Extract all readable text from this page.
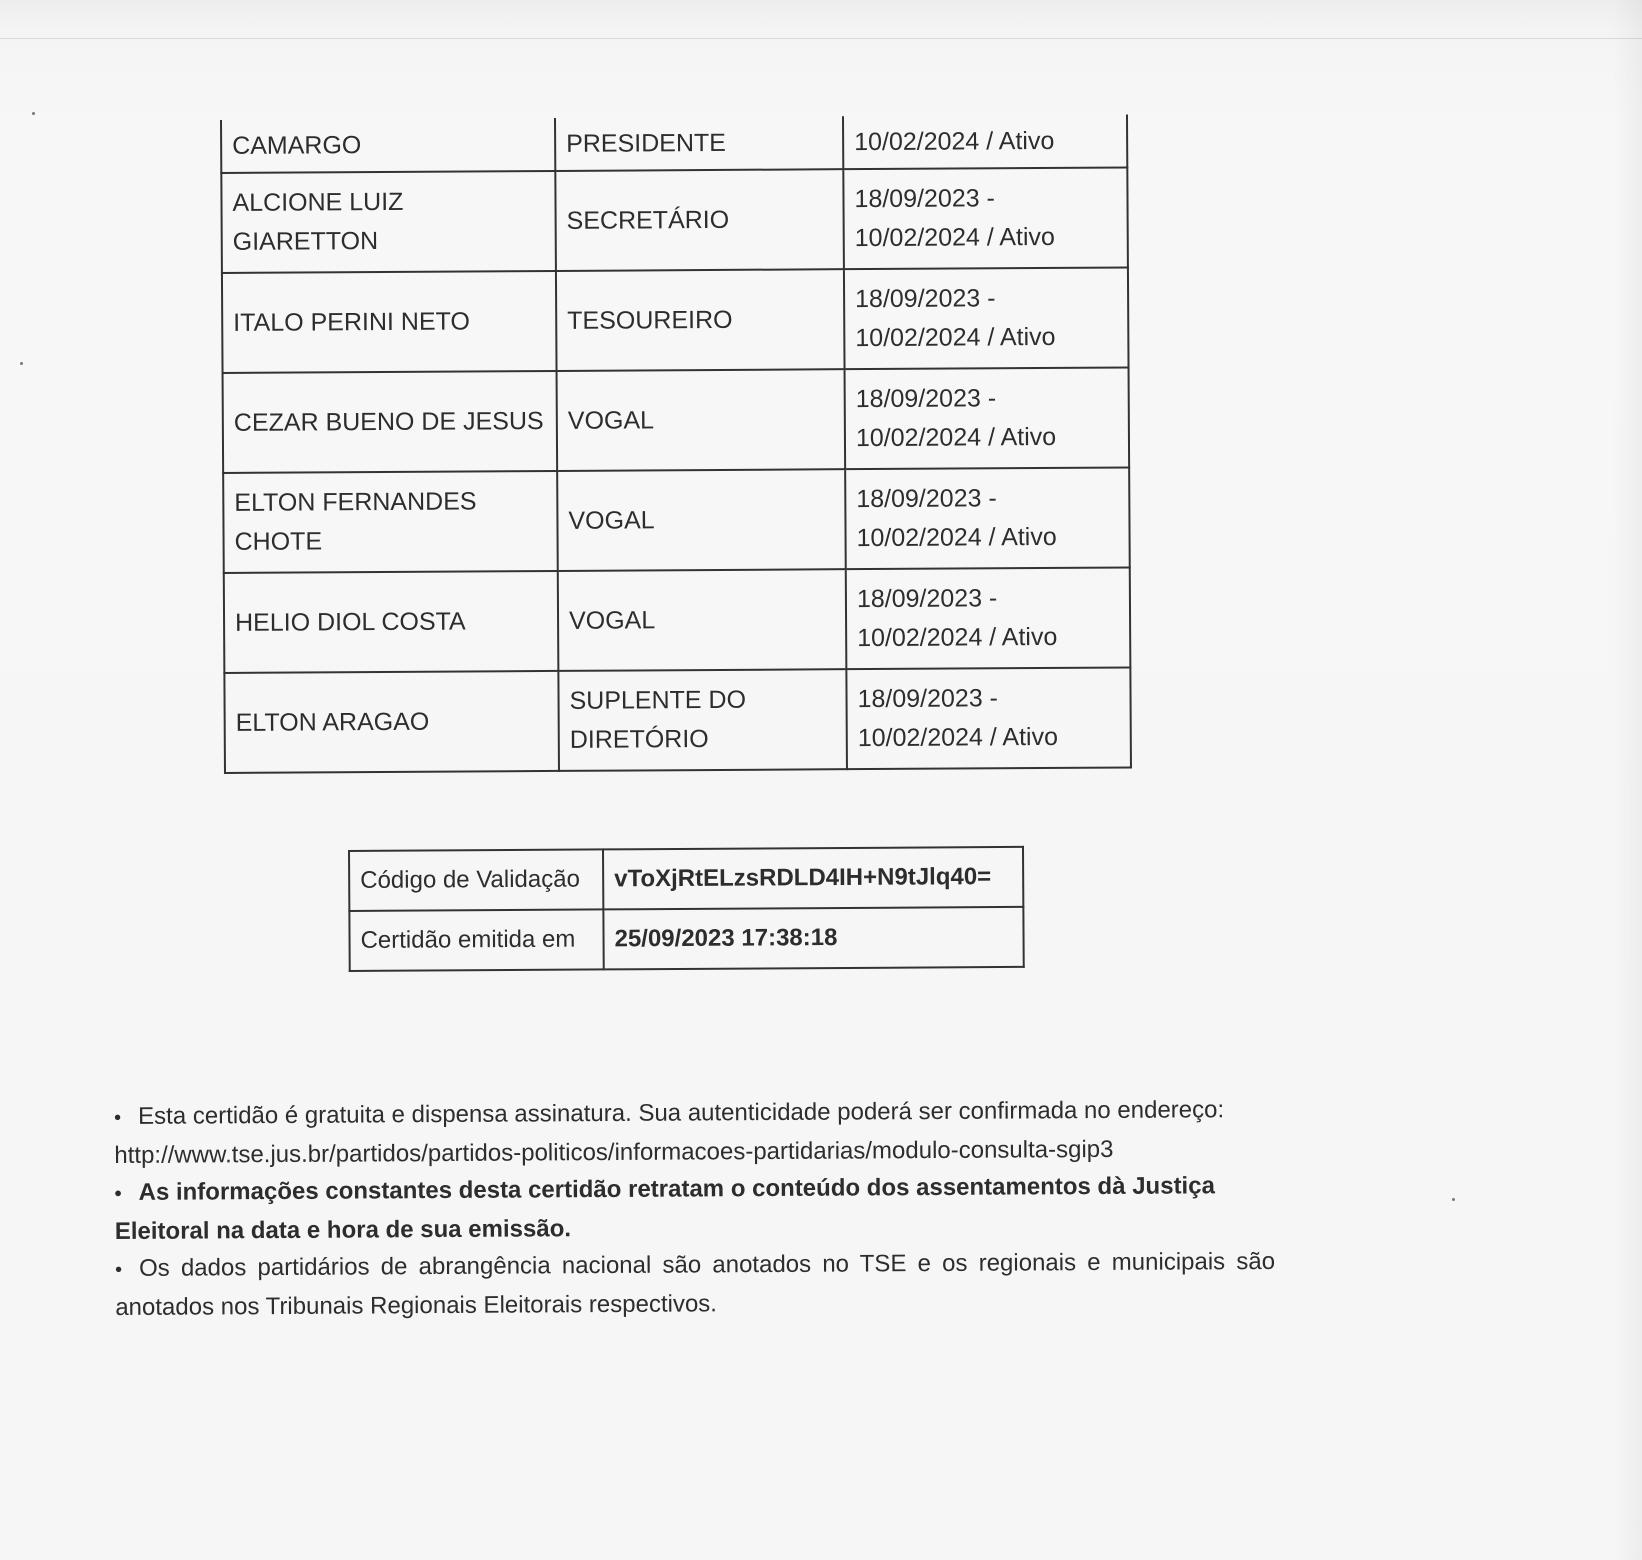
CAMARGO	PRESIDENTE	10/02/2024 / Ativo
ALCIONE LUIZ GIARETTON	SECRETÁRIO	18/09/2023 - 10/02/2024 / Ativo
ITALO PERINI NETO	TESOUREIRO	18/09/2023 - 10/02/2024 / Ativo
CEZAR BUENO DE JESUS	VOGAL	18/09/2023 - 10/02/2024 / Ativo
ELTON FERNANDES CHOTE	VOGAL	18/09/2023 - 10/02/2024 / Ativo
HELIO DIOL COSTA	VOGAL	18/09/2023 - 10/02/2024 / Ativo
ELTON ARAGAO	SUPLENTE DO DIRETÓRIO	18/09/2023 - 10/02/2024 / Ativo
Código de Validação	vToXjRtELzsRDLD4IH+N9tJlq40=
Certidão emitida em	25/09/2023 17:38:18

• Esta certidão é gratuita e dispensa assinatura. Sua autenticidade poderá ser confirmada no endereço: http://www.tse.jus.br/partidos/partidos-politicos/informacoes-partidarias/modulo-consulta-sgip3

• As informações constantes desta certidão retratam o conteúdo dos assentamentos dà Justiça Eleitoral na data e hora de sua emissão.

• Os dados partidários de abrangência nacional são anotados no TSE e os regionais e municipais são anotados nos Tribunais Regionais Eleitorais respectivos.
